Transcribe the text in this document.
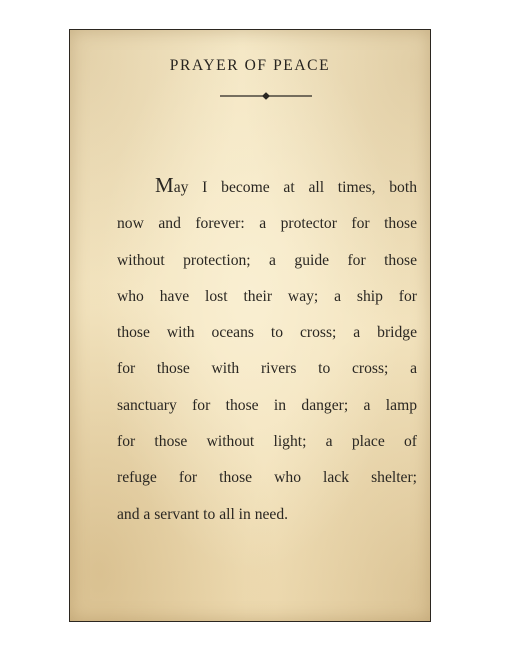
PRAYER OF PEACE
May I become at all times, both
now and forever: a protector for those
without protection; a guide for those
who have lost their way; a ship for
those with oceans to cross; a bridge
for those with rivers to cross; a
sanctuary for those in danger; a lamp
for those without light; a place of
refuge for those who lack shelter;
and a servant to all in need.
